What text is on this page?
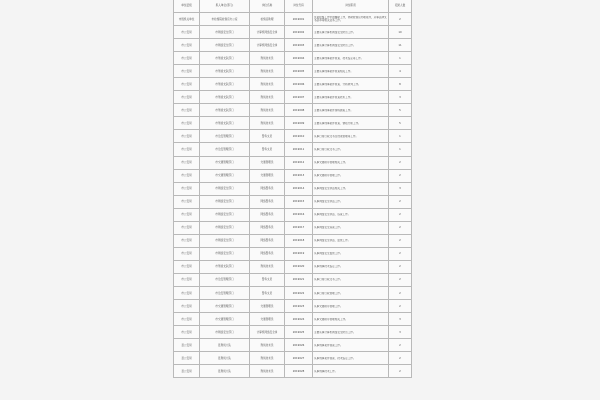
单位层级	拟入单位(部门)	岗位名称	岗位代码	岗位职责	招录人数
市级机关单位	市检察院检察官办公室	检察官助理	2019001	负责检察工作中的辅助工作，协助检察官办理案件，从事法律文书起草等相关业务工作。	2
市公安局	市网络安全部门	计算机网络安全岗	2019002	主要从事计算机网络安全防范工作。	10
市公安局	市网络安全部门	计算机网络安全岗	2019003	主要从事计算机网络安全防范工作。	11
市公安局	市刑侦支队部门	刑侦技术员	2019004	主要从事刑事案件侦查、技术鉴定等工作。	1
市公安局	市刑侦支队部门	刑侦技术员	2019005	主要从事刑事案件侦查相关工作。	4
市公安局	市刑侦支队部门	刑侦技术员	2019006	主要从事刑事案件侦查、分析研判工作。	8
市公安局	市刑侦支队部门	刑侦技术员	2019007	主要从事刑事案件侦查技术工作。	3
市公安局	市刑侦支队部门	刑侦技术员	2019008	主要从事刑事案件现场勘查工作。	5
市公安局	市刑侦支队部门	刑侦技术员	2019009	主要从事刑事案件侦查、情报分析工作。	5
市公安局	市治安管理部门	警务文员	2019010	从事日常行政文书及档案管理等工作。	1
市公安局	市治安管理部门	警务文员	2019011	从事日常行政文书工作。	1
市公安局	市交通管理部门	交通管理员	2019012	从事交通秩序管理相关工作。	2
市公安局	市交通管理部门	交通管理员	2019013	从事交通秩序管理工作。	2
市公安局	市网络安全部门	网络警务员	2019014	从事网络安全执法相关工作。	3
市公安局	市网络安全部门	网络警务员	2019015	从事网络安全执法工作。	2
市公安局	市网络安全部门	网络警务员	2019016	从事网络安全执法、巡查工作。	2
市公安局	市网络安全部门	网络警务员	2019017	从事网络安全巡查工作。	2
市公安局	市网络安全部门	网络警务员	2019018	从事网络安全执法、监管工作。	2
市公安局	市网络安全部门	网络警务员	2019019	从事网络安全监管工作。	2
市公安局	市刑侦支队部门	刑侦技术员	2019020	从事刑事技术鉴定工作。	2
市公安局	市治安管理部门	警务文员	2019021	从事日常行政文书工作。	2
市公安局	市治安管理部门	警务文员	2019022	从事日常行政管理工作。	2
市公安局	市交通管理部门	交通管理员	2019023	从事交通秩序管理工作。	2
市公安局	市交通管理部门	交通管理员	2019024	从事交通秩序管理相关工作。	3
市公安局	市网络安全部门	计算机网络安全岗	2019025	主要从事计算机网络安全防范工作。	3
县公安局	县刑侦大队	刑侦技术员	2019026	从事刑事案件侦查工作。	2
县公安局	县刑侦大队	刑侦技术员	2019027	从事刑事案件侦查、技术鉴定工作。	2
县公安局	县刑侦大队	刑侦技术员	2019028	从事刑事技术工作。	2
